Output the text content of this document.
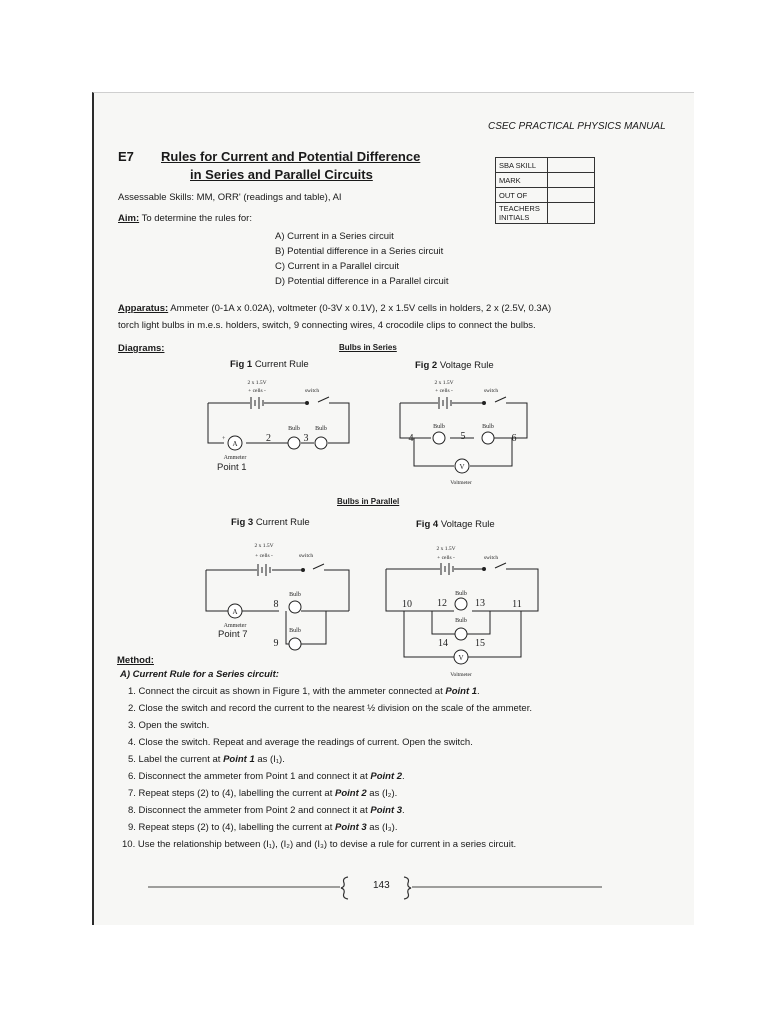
CSEC PRACTICAL PHYSICS MANUAL
E7 Rules for Current and Potential Difference
in Series and Parallel Circuits
SBA SKILL	
MARK	
OUT OF	
TEACHERS INITIALS	
Assessable Skills: MM, ORR' (readings and table), AI
Aim: To determine the rules for:
A) Current in a Series circuit
B) Potential difference in a Series circuit
C) Current in a Parallel circuit
D) Potential difference in a Parallel circuit
Apparatus: Ammeter (0-1A x 0.02A), voltmeter (0-3V x 0.1V), 2 x 1.5V cells in holders, 2 x (2.5V, 0.3A)
torch light bulbs in m.e.s. holders, switch, 9 connecting wires, 4 crocodile clips to connect the bulbs.
Diagrams:	Bulbs in Series
Bulbs in Parallel
Fig 1 Current Rule	Fig 2 Voltage Rule
Fig 3 Current Rule	Fig 4 Voltage Rule
2 x 1.5V
+ cells -	switch
A
+
Bulb	Bulb
2	3
Ammeter
Point 1
2 x 1.5V
+ cells -	switch
Bulb	Bulb
V
Voltmeter
4	5	6
2 x 1.5V
+ cells -	switch
A
Bulb
Bulb
8
9
Ammeter
Point 7
2 x 1.5V
+ cells -	switch
Bulb
Bulb
V
Voltmeter
10	11
12	13
14	15
Method:
A) Current Rule for a Series circuit:
1. Connect the circuit as shown in Figure 1, with the ammeter connected at Point 1.
2. Close the switch and record the current to the nearest ½ division on the scale of the ammeter.
3. Open the switch.
4. Close the switch. Repeat and average the readings of current. Open the switch.
5. Label the current at Point 1 as (I₁).
6. Disconnect the ammeter from Point 1 and connect it at Point 2.
7. Repeat steps (2) to (4), labelling the current at Point 2 as (I₂).
8. Disconnect the ammeter from Point 2 and connect it at Point 3.
9. Repeat steps (2) to (4), labelling the current at Point 3 as (I₃).
10. Use the relationship between (I₁), (I₂) and (I₃) to devise a rule for current in a series circuit.
143
